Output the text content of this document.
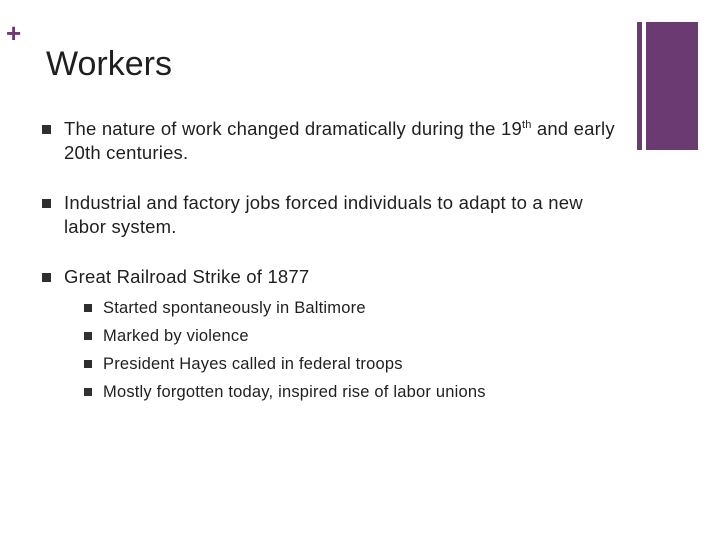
+
Workers
The nature of work changed dramatically during the 19th and early 20th centuries.
Industrial and factory jobs forced individuals to adapt to a new labor system.
Great Railroad Strike of 1877
Started spontaneously in Baltimore
Marked by violence
President Hayes called in federal troops
Mostly forgotten today, inspired rise of labor unions
